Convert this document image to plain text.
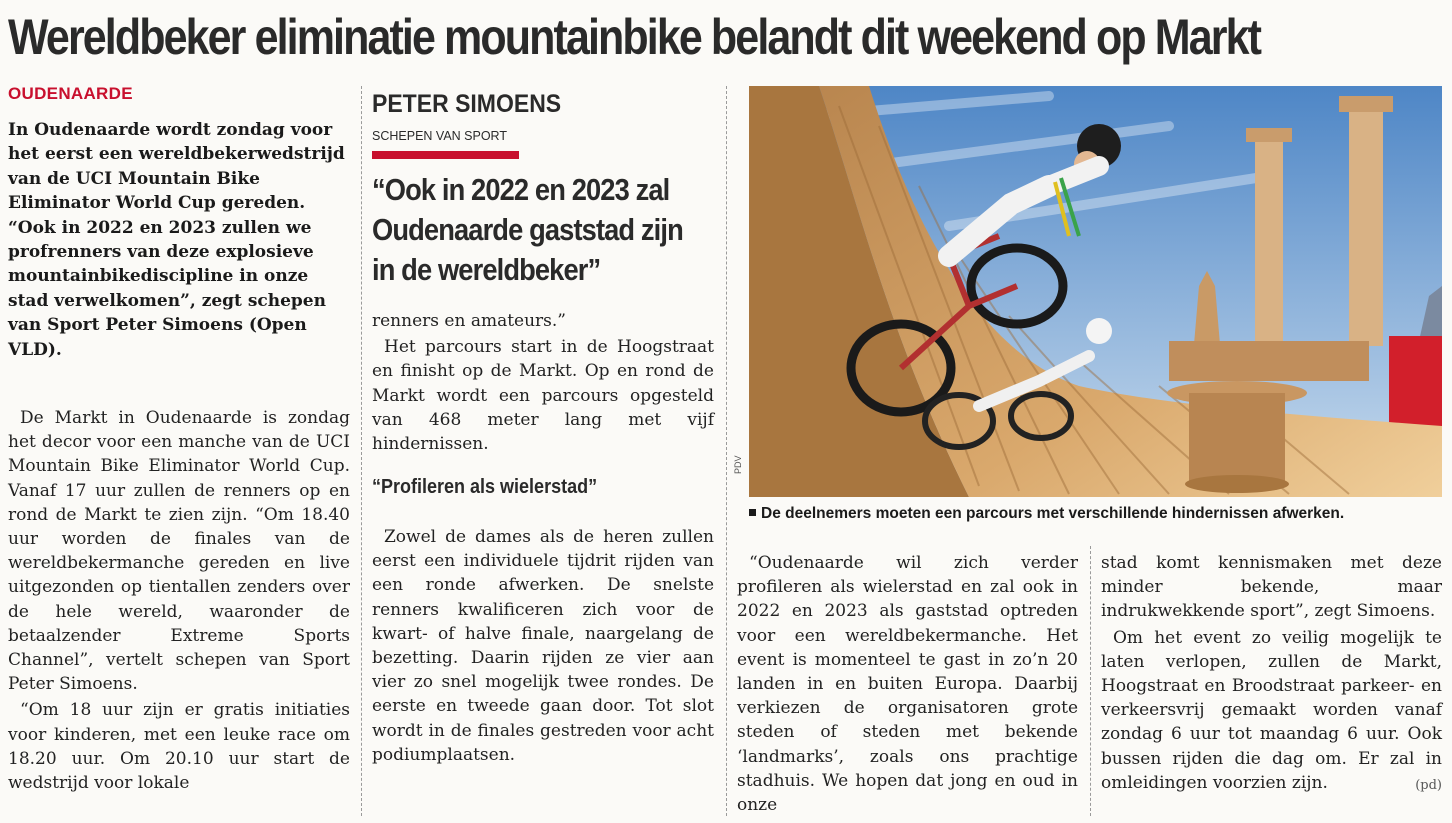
Wereldbeker eliminatie mountainbike belandt dit weekend op Markt
OUDENAARDE

In Oudenaarde wordt zondag voor het eerst een wereldbekerwedstrijd van de UCI Mountain Bike Eliminator World Cup gereden. “Ook in 2022 en 2023 zullen we profrenners van deze explosieve mountainbikediscipline in onze stad verwelkomen”, zegt schepen van Sport Peter Simoens (Open VLD).

De Markt in Oudenaarde is zondag het decor voor een manche van de UCI Mountain Bike Eliminator World Cup. Vanaf 17 uur zullen de renners op en rond de Markt te zien zijn. “Om 18.40 uur worden de finales van de wereldbekermanche gereden en live uitgezonden op tientallen zenders over de hele wereld, waaronder de betaalzender Extreme Sports Channel”, vertelt schepen van Sport Peter Simoens.

“Om 18 uur zijn er gratis initiaties voor kinderen, met een leuke race om 18.20 uur. Om 20.10 uur start de wedstrijd voor lokale

PETER SIMOENS
SCHEPEN VAN SPORT

“Ook in 2022 en 2023 zal Oudenaarde gaststad zijn in de wereldbeker”

renners en amateurs.”

Het parcours start in de Hoogstraat en finisht op de Markt. Op en rond de Markt wordt een parcours opgesteld van 468 meter lang met vijf hindernissen.

“Profileren als wielerstad”

Zowel de dames als de heren zullen eerst een individuele tijdrit rijden van een ronde afwerken. De snelste renners kwalificeren zich voor de kwart- of halve finale, naargelang de bezetting. Daarin rijden ze vier aan vier zo snel mogelijk twee rondes. De eerste en tweede gaan door. Tot slot wordt in de finales gestreden voor acht podiumplaatsen.

PDV
De deelnemers moeten een parcours met verschillende hindernissen afwerken.

“Oudenaarde wil zich verder profileren als wielerstad en zal ook in 2022 en 2023 als gaststad optreden voor een wereldbekermanche. Het event is momenteel te gast in zo’n 20 landen in en buiten Europa. Daarbij verkiezen de organisatoren grote steden of steden met bekende ‘landmarks’, zoals ons prachtige stadhuis. We hopen dat jong en oud in onze

stad komt kennismaken met deze minder bekende, maar indrukwekkende sport”, zegt Simoens.

Om het event zo veilig mogelijk te laten verlopen, zullen de Markt, Hoogstraat en Broodstraat parkeer- en verkeersvrij gemaakt worden vanaf zondag 6 uur tot maandag 6 uur. Ook bussen rijden die dag om. Er zal in omleidingen voorzien zijn.	(pd)
